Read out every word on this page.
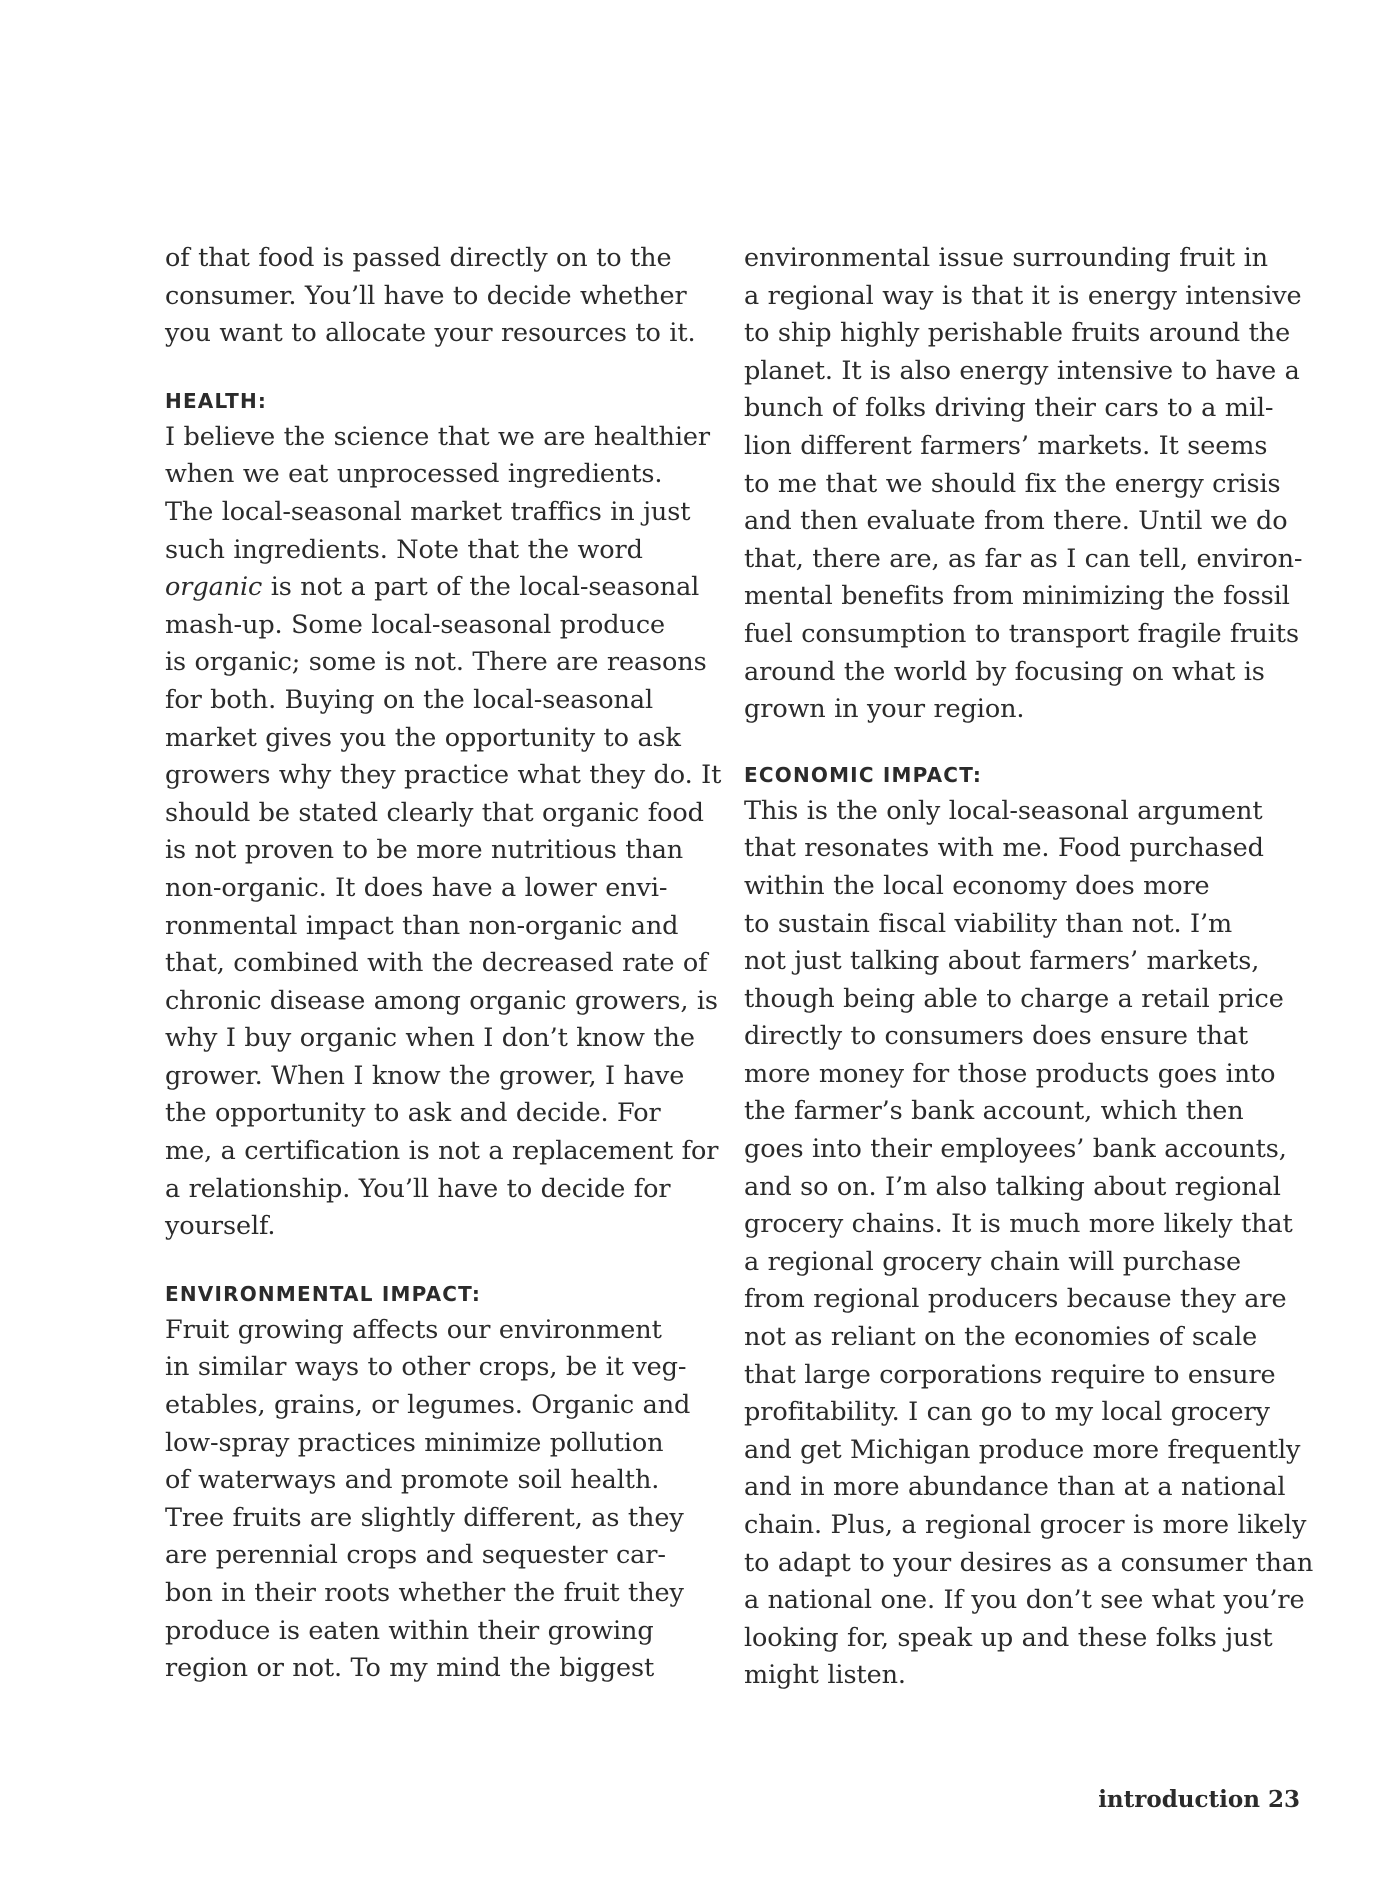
of that food is passed directly on to the
consumer. You’ll have to decide whether
you want to allocate your resources to it.

HEALTH:

I believe the science that we are healthier
when we eat unprocessed ingredients.
The local-seasonal market traffics in just
such ingredients. Note that the word
organic is not a part of the local-seasonal
mash-up. Some local-seasonal produce
is organic; some is not. There are reasons
for both. Buying on the local-seasonal
market gives you the opportunity to ask
growers why they practice what they do. It
should be stated clearly that organic food
is not proven to be more nutritious than
non-organic. It does have a lower envi-
ronmental impact than non-organic and
that, combined with the decreased rate of
chronic disease among organic growers, is
why I buy organic when I don’t know the
grower. When I know the grower, I have
the opportunity to ask and decide. For
me, a certification is not a replacement for
a relationship. You’ll have to decide for
yourself.

ENVIRONMENTAL IMPACT:

Fruit growing affects our environment
in similar ways to other crops, be it veg-
etables, grains, or legumes. Organic and
low-spray practices minimize pollution
of waterways and promote soil health.
Tree fruits are slightly different, as they
are perennial crops and sequester car-
bon in their roots whether the fruit they
produce is eaten within their growing
region or not. To my mind the biggest

environmental issue surrounding fruit in
a regional way is that it is energy intensive
to ship highly perishable fruits around the
planet. It is also energy intensive to have a
bunch of folks driving their cars to a mil-
lion different farmers’ markets. It seems
to me that we should fix the energy crisis
and then evaluate from there. Until we do
that, there are, as far as I can tell, environ-
mental benefits from minimizing the fossil
fuel consumption to transport fragile fruits
around the world by focusing on what is
grown in your region.

ECONOMIC IMPACT:

This is the only local-seasonal argument
that resonates with me. Food purchased
within the local economy does more
to sustain fiscal viability than not. I’m
not just talking about farmers’ markets,
though being able to charge a retail price
directly to consumers does ensure that
more money for those products goes into
the farmer’s bank account, which then
goes into their employees’ bank accounts,
and so on. I’m also talking about regional
grocery chains. It is much more likely that
a regional grocery chain will purchase
from regional producers because they are
not as reliant on the economies of scale
that large corporations require to ensure
profitability. I can go to my local grocery
and get Michigan produce more frequently
and in more abundance than at a national
chain. Plus, a regional grocer is more likely
to adapt to your desires as a consumer than
a national one. If you don’t see what you’re
looking for, speak up and these folks just
might listen.

introduction 23
